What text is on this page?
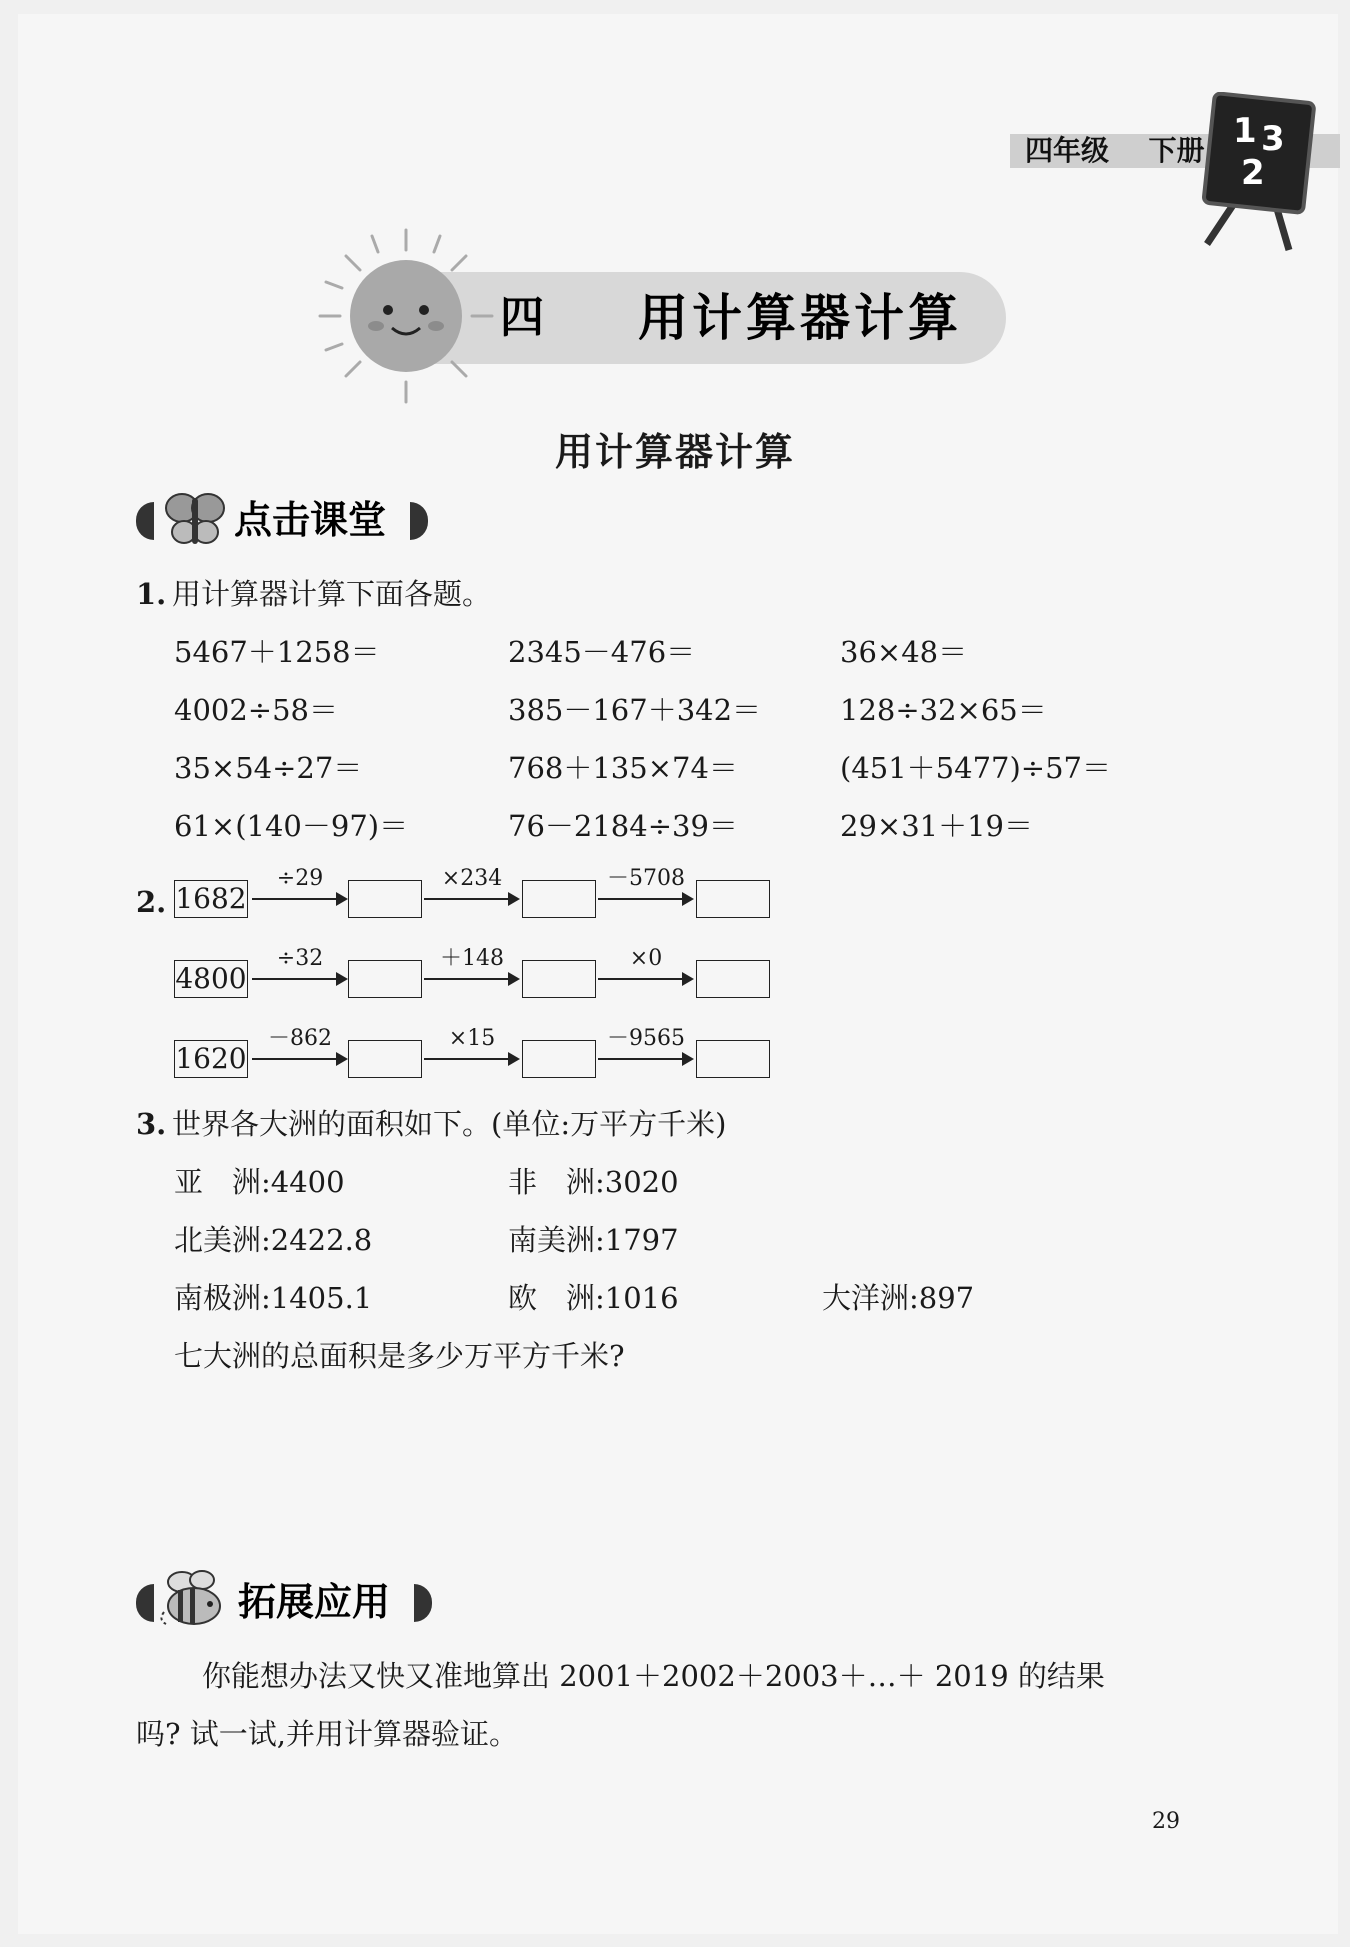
四年级 下册 1 3
2
四 用计算器计算
用计算器计算
点击课堂
1. 用计算器计算下面各题。
5467＋1258＝	2345－476＝	36×48＝
4002÷58＝	385－167＋342＝	128÷32×65＝
35×54÷27＝	768＋135×74＝	(451＋5477)÷57＝
61×(140－97)＝	76－2184÷39＝	29×31＋19＝
2. 1682
÷29	×234	－5708
4800
÷32	＋148	×0
1620
－862	×15	－9565
3. 世界各大洲的面积如下。(单位:万平方千米)
亚　洲:4400	非　洲:3020
北美洲:2422.8	南美洲:1797
南极洲:1405.1	欧　洲:1016	大洋洲:897
七大洲的总面积是多少万平方千米?
拓展应用
你能想办法又快又准地算出 2001＋2002＋2003＋…＋ 2019 的结果
吗? 试一试,并用计算器验证。
29
